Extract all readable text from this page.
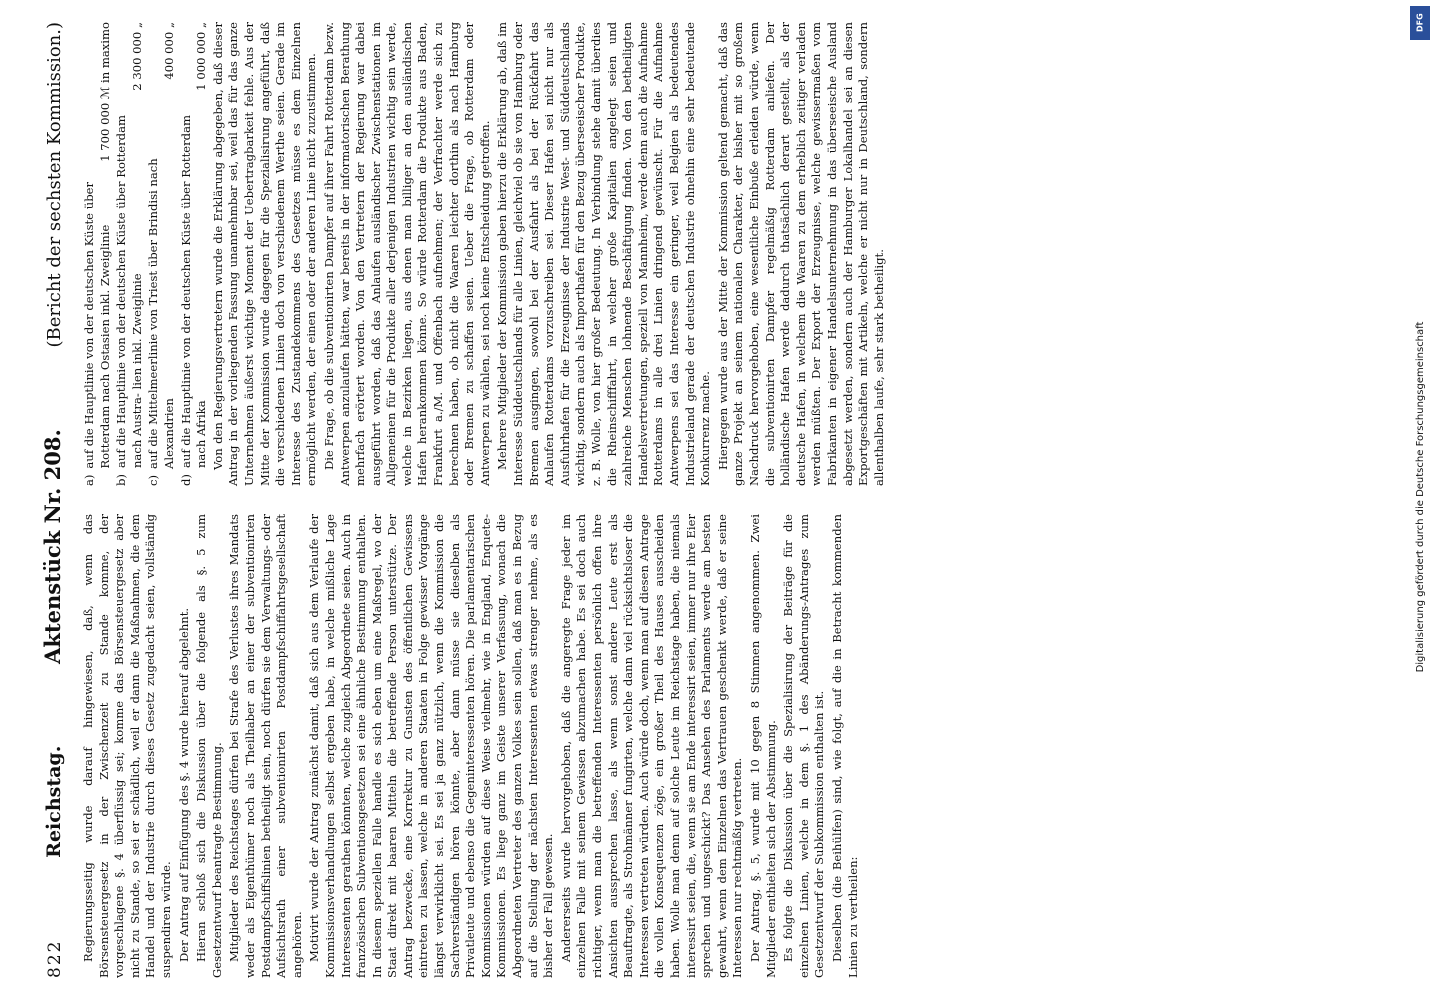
822
Reichstag.
Aktenstück Nr. 208.
(Bericht der sechsten Kommission.)

Regierungsseitig wurde darauf hingewiesen, daß, wenn das Börsensteuergesetz in der Zwischenzeit zu Stande komme, der vorgeschlagene §. 4 überflüssig sei; komme das Börsensteuergesetz aber nicht zu Stande, so sei er schädlich, weil er dann die Maßnahmen, die dem Handel und der Industrie durch dieses Gesetz zugedacht seien, vollständig suspendiren würde. Der Antrag auf Einfügung des §. 4 wurde hierauf abgelehnt. Hieran schloß sich die Diskussion über die folgende als §. 5 zum Gesetzentwurf beantragte Bestimmung. Mitglieder des Reichstages dürfen bei Strafe des Verlustes ihres Mandats weder als Eigenthümer noch als Theilhaber an einer der subventionirten Postdampfschiffslinien betheiligt sein, noch dürfen sie dem Verwaltungs- oder Aufsichtsrath einer subventionirten Postdampfschiffahrtsgesellschaft angehören. Motivirt wurde der Antrag zunächst damit, daß sich aus dem Verlaufe der Kommissionsverhandlungen selbst ergeben habe, in welche mißliche Lage Interessenten gerathen könnten, welche zugleich Abgeordnete seien. Auch in französischen Subventionsgesetzen sei eine ähnliche Bestimmung enthalten. In diesem speziellen Falle handle es sich eben um eine Maßregel, wo der Staat direkt mit baaren Mitteln die betreffende Person unterstütze. Der Antrag bezwecke, eine Korrektur zu Gunsten des öffentlichen Gewissens eintreten zu lassen, welche in anderen Staaten in Folge gewisser Vorgänge längst verwirklicht sei. Es sei ja ganz nützlich, wenn die Kommission die Sachverständigen hören könnte, aber dann müsse sie dieselben als Privatleute und ebenso die Gegeninteressenten hören. Die parlamentarischen Kommissionen würden auf diese Weise vielmehr, wie in England, Enquete-Kommissionen. Es liege ganz im Geiste unserer Verfassung, wonach die Abgeordneten Vertreter des ganzen Volkes sein sollen, daß man es in Bezug auf die Stellung der nächsten Interessenten etwas strenger nehme, als es bisher der Fall gewesen. Andererseits wurde hervorgehoben, daß die angeregte Frage jeder im einzelnen Falle mit seinem Gewissen abzumachen habe. Es sei doch auch richtiger, wenn man die betreffenden Interessenten persönlich offen ihre Ansichten aussprechen lasse, als wenn sonst andere Leute erst als Beauftragte, als Strohmänner fungirten, welche dann viel rücksichtsloser die Interessen vertreten würden. Auch würde doch, wenn man auf diesen Antrage die vollen Konsequenzen zöge, ein großer Theil des Hauses ausscheiden haben. Wolle man denn auf solche Leute im Reichstage haben, die niemals interessirt seien, die, wenn sie am Ende interessirt seien, immer nur ihre Eier sprechen und ungeschickt? Das Ansehen des Parlaments werde am besten gewahrt, wenn dem Einzelnen das Vertrauen geschenkt werde, daß er seine Interessen nur rechtmäßig vertreten. Der Antrag, §. 5, wurde mit 10 gegen 8 Stimmen angenommen. Zwei Mitglieder enthielten sich der Abstimmung. Es folgte die Diskussion über die Spezialisirung der Beiträge für die einzelnen Linien, welche in dem §. 1 des Abänderungs-Antrages zum Gesetzentwurf der Subkommission enthalten ist. Dieselben (die Beihülfen) sind, wie folgt, auf die in Betracht kommenden Linien zu vertheilen:

a)
auf die Hauptlinie von der deutschen Küste über Rotterdam nach Ostasien inkl. Zweiglinie
1 700 000 ℳ in maximo
b)
auf die Hauptlinie von der deutschen Küste über Rotterdam nach Austra- lien inkl. Zweiglinie
2 300 000 „
c)
auf die Mittelmeerlinie von Triest über Brindisi nach Alexandrien
400 000 „
d)
auf die Hauptlinie von der deutschen Küste über Rotterdam nach Afrika
1 000 000 „ Von den Regierungsvertretern wurde die Erklärung abgegeben, daß dieser Antrag in der vorliegenden Fassung unannehmbar sei, weil das für das ganze Unternehmen äußerst wichtige Moment der Uebertragbarkeit fehle. Aus der Mitte der Kommission wurde dagegen für die Spezialisirung angeführt, daß die verschiedenen Linien doch von verschiedenem Werthe seien. Gerade im Interesse des Zustandekommens des Gesetzes müsse es dem Einzelnen ermöglicht werden, der einen oder der anderen Linie nicht zuzustimmen. Die Frage, ob die subventionirten Dampfer auf ihrer Fahrt Rotterdam bezw. Antwerpen anzulaufen hätten, war bereits in der informatorischen Berathung mehrfach erörtert worden. Von den Vertretern der Regierung war dabei ausgeführt worden, daß das Anlaufen ausländischer Zwischenstationen im Allgemeinen für die Produkte aller derjenigen Industrien wichtig sein werde, welche in Bezirken liegen, aus denen man billiger an den ausländischen Hafen herankommen könne. So würde Rotterdam die Produkte aus Baden, Frankfurt a./M. und Offenbach aufnehmen; der Verfrachter werde sich zu berechnen haben, ob nicht die Waaren leichter dorthin als nach Hamburg oder Bremen zu schaffen seien. Ueber die Frage, ob Rotterdam oder Antwerpen zu wählen, sei noch keine Entscheidung getroffen. Mehrere Mitglieder der Kommission gaben hierzu die Erklärung ab, daß im Interesse Süddeutschlands für alle Linien, gleichviel ob sie von Hamburg oder Bremen ausgingen, sowohl bei der Ausfahrt als bei der Rückfahrt das Anlaufen Rotterdams vorzuschreiben sei. Dieser Hafen sei nicht nur als Ausfuhrhafen für die Erzeugnisse der Industrie West- und Süddeutschlands wichtig, sondern auch als Importhafen für den Bezug überseeischer Produkte, z. B. Wolle, von hier großer Bedeutung. In Verbindung stehe damit überdies die Rheinschifffahrt, in welcher große Kapitalien angelegt seien und zahlreiche Menschen lohnende Beschäftigung finden. Von den betheiligten Handelsvertretungen, speziell von Mannheim, werde denn auch die Aufnahme Rotterdams in alle drei Linien dringend gewünscht. Für die Aufnahme Antwerpens sei das Interesse ein geringer, weil Belgien als bedeutendes Industrieland gerade der deutschen Industrie ohnehin eine sehr bedeutende Konkurrenz mache. Hiergegen wurde aus der Mitte der Kommission geltend gemacht, daß das ganze Projekt an seinem nationalen Charakter, der bisher mit so großem Nachdruck hervorgehoben, eine wesentliche Einbuße erleiden würde, wenn die subventionirten Dampfer regelmäßig Rotterdam anliefen. Der holländische Hafen werde dadurch thatsächlich derart gestellt, als der deutsche Hafen, in welchem die Waaren zu dem erheblich zeitiger verladen werden müßten. Der Export der Erzeugnisse, welche gewissermaßen vom Fabrikanten in eigener Handelsunternehmung in das überseeische Ausland abgesetzt werden, sondern auch der Hamburger Lokalhandel sei an diesen Exportgeschäften mit Artikeln, welche er nicht nur in Deutschland, sondern allenthalben laufe, sehr stark betheiligt.	Digitalisierung gefördert durch die Deutsche Forschungsgemeinschaft
DFG
